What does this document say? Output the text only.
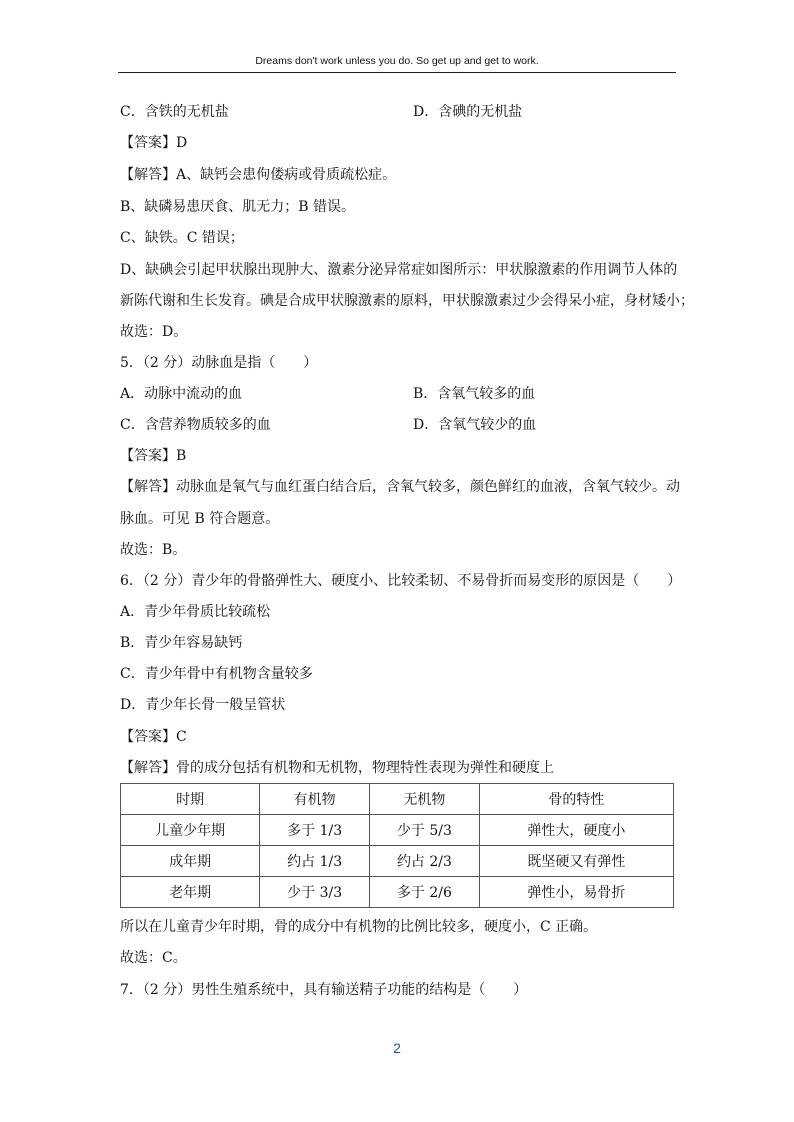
Dreams don't work unless you do. So get up and get to work.
C．含铁的无机盐	D．含碘的无机盐
【答案】D
【解答】A、缺钙会患佝偻病或骨质疏松症。
B、缺磷易患厌食、肌无力；B 错误。
C、缺铁。C 错误；
D、缺碘会引起甲状腺出现肿大、激素分泌异常症如图所示：甲状腺激素的作用调节人体的
新陈代谢和生长发育。碘是合成甲状腺激素的原料，甲状腺激素过少会得呆小症，身材矮小；
故选：D。
5．（2 分）动脉血是指（　　）
A．动脉中流动的血	B．含氧气较多的血
C．含营养物质较多的血	D．含氧气较少的血
【答案】B
【解答】动脉血是氧气与血红蛋白结合后，含氧气较多，颜色鲜红的血液，含氧气较少。动
脉血。可见 B 符合题意。
故选：B。
6．（2 分）青少年的骨骼弹性大、硬度小、比较柔韧、不易骨折而易变形的原因是（　　）
A．青少年骨质比较疏松
B．青少年容易缺钙
C．青少年骨中有机物含量较多
D．青少年长骨一般呈管状
【答案】C
【解答】骨的成分包括有机物和无机物，物理特性表现为弹性和硬度上
时期	有机物	无机物	骨的特性
儿童少年期	多于 1/3	少于 5/3	弹性大，硬度小
成年期	约占 1/3	约占 2/3	既坚硬又有弹性
老年期	少于 3/3	多于 2/6	弹性小，易骨折
所以在儿童青少年时期，骨的成分中有机物的比例比较多，硬度小，C 正确。
故选：C。
7．（2 分）男性生殖系统中，具有输送精子功能的结构是（　　）
2
